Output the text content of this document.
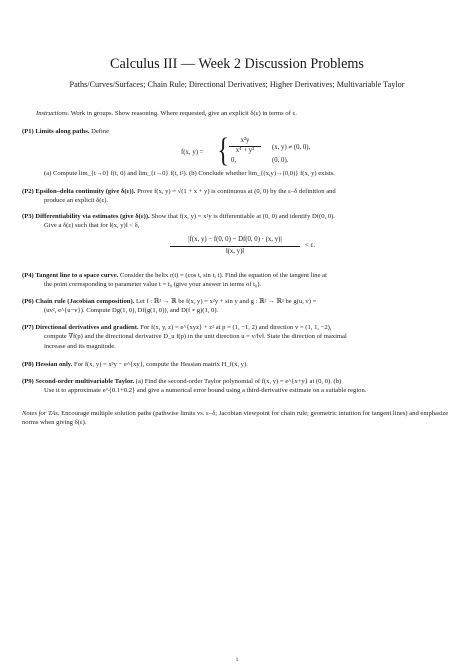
Calculus III — Week 2 Discussion Problems
Paths/Curves/Surfaces; Chain Rule; Directional Derivatives; Higher Derivatives; Multivariable Taylor
Instructions. Work in groups. Show reasoning. Where requested, give an explicit δ(ε) in terms of ε.
(P1) Limits along paths. Define
f(x, y) = {	x²y
x⁴ + y²	(x, y) ≠ (0, 0),
0,	(0, 0).
(a) Compute lim_{t→0} f(t, 0) and lim_{t→0} f(t, t²). (b) Conclude whether lim_{(x,y)→(0,0)} f(x, y) exists.
(P2) Epsilon–delta continuity (give δ(ε)). Prove f(x, y) = √(1 + x + y) is continuous at (0, 0) by the ε–δ definition and
produce an explicit δ(ε).
(P3) Differentiability via estimates (give δ(ε)). Show that f(x, y) = x²y is differentiable at (0, 0) and identify Df(0, 0).
Give a δ(ε) such that for ‖(x, y)‖ < δ,
|f(x, y) − f(0, 0) − Df(0, 0) · (x, y)|
‖(x, y)‖
< ε.
(P4) Tangent line to a space curve. Consider the helix r(t) = (cos t, sin t, t). Find the equation of the tangent line at
the point corresponding to parameter value t = t₀ (give your answer in terms of t₀).
(P6) Chain rule (Jacobian composition). Let f : ℝ² → ℝ be f(x, y) = x²y + sin y and g : ℝ² → ℝ² be g(u, v) =
(uv², e^{u−v}). Compute Dg(1, 0), Df(g(1, 0)), and D(f ∘ g)(1, 0).
(P7) Directional derivatives and gradient. For f(x, y, z) = e^{xyz} + z² at p = (1, −1, 2) and direction v = (1, 1, −2),
compute ∇f(p) and the directional derivative D_u f(p) in the unit direction u = v/‖v‖. State the direction of maximal
increase and its magnitude.
(P8) Hessian only. For f(x, y) = x³y − e^{xy}, compute the Hessian matrix H_f(x, y).
(P9) Second-order multivariable Taylor. (a) Find the second-order Taylor polynomial of f(x, y) = e^{x+y} at (0, 0). (b)
Use it to approximate e^{0.1+0.2} and give a numerical error bound using a third-derivative estimate on a suitable region.
Notes for TAs. Encourage multiple solution paths (pathwise limits vs. ε–δ; Jacobian viewpoint for chain rule; geometric intuition for tangent lines) and emphasize norms when giving δ(ε).
1
